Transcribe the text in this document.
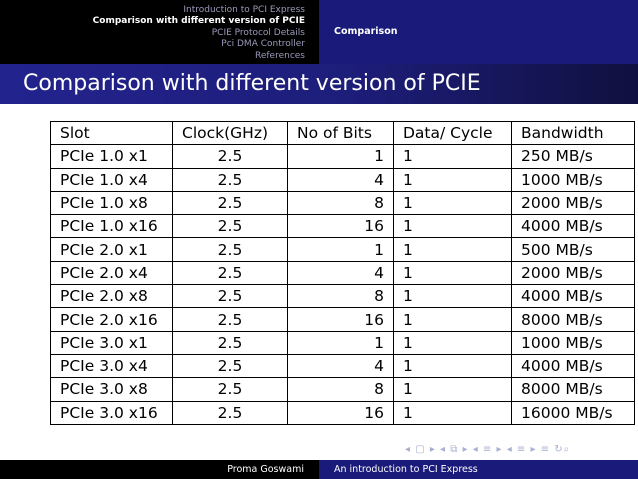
Introduction to PCI Express
Comparison with different version of PCIE
PCIE Protocol Details
Pci DMA Controller
References
Comparison
Comparison with different version of PCIE
Slot	Clock(GHz)	No of Bits	Data/ Cycle	Bandwidth
PCIe 1.0 x1	2.5	1	1	250 MB/s
PCIe 1.0 x4	2.5	4	1	1000 MB/s
PCIe 1.0 x8	2.5	8	1	2000 MB/s
PCIe 1.0 x16	2.5	16	1	4000 MB/s
PCIe 2.0 x1	2.5	1	1	500 MB/s
PCIe 2.0 x4	2.5	4	1	2000 MB/s
PCIe 2.0 x8	2.5	8	1	4000 MB/s
PCIe 2.0 x16	2.5	16	1	8000 MB/s
PCIe 3.0 x1	2.5	1	1	1000 MB/s
PCIe 3.0 x4	2.5	4	1	4000 MB/s
PCIe 3.0 x8	2.5	8	1	8000 MB/s
PCIe 3.0 x16	2.5	16	1	16000 MB/s
◂ ▢ ▸ ◂ ⧉ ▸ ◂ ≡ ▸ ◂ ≡ ▸ ≡ ↻⌕
Proma Goswami	An introduction to PCI Express
